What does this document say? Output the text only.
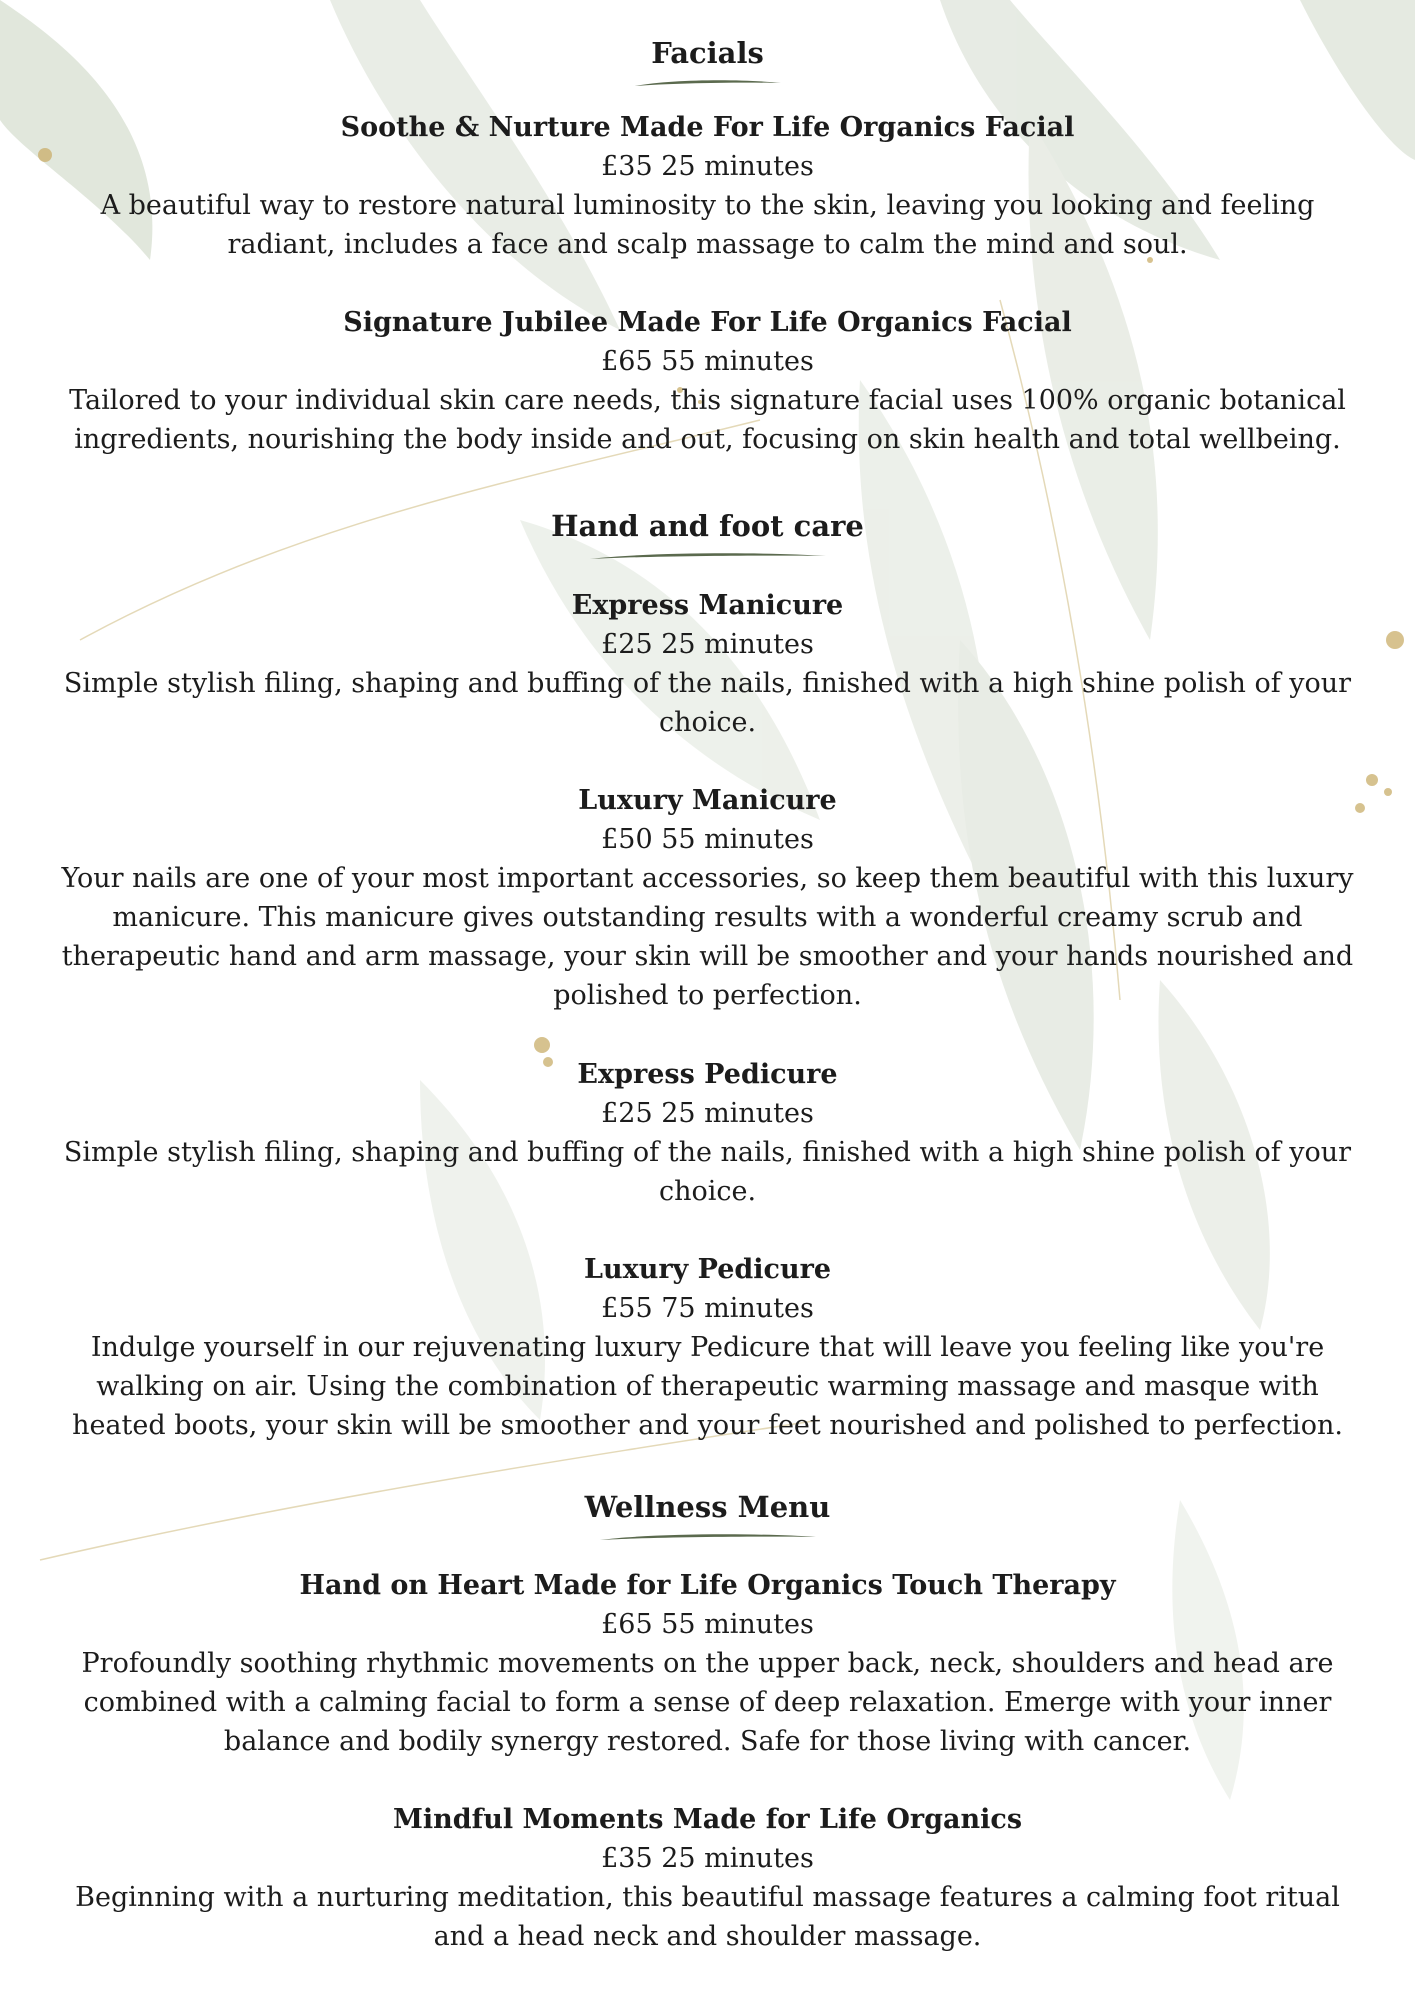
Facials

Soothe & Nurture Made For Life Organics Facial

£35 25 minutes

A beautiful way to restore natural luminosity to the skin, leaving you looking and feeling radiant, includes a face and scalp massage to calm the mind and soul.

Signature Jubilee Made For Life Organics Facial

£65 55 minutes

Tailored to your individual skin care needs, this signature facial uses 100% organic botanical ingredients, nourishing the body inside and out, focusing on skin health and total wellbeing.

Hand and foot care

Express Manicure

£25 25 minutes

Simple stylish filing, shaping and buffing of the nails, finished with a high shine polish of your choice.

Luxury Manicure

£50 55 minutes

Your nails are one of your most important accessories, so keep them beautiful with this luxury manicure. This manicure gives outstanding results with a wonderful creamy scrub and therapeutic hand and arm massage, your skin will be smoother and your hands nourished and polished to perfection.

Express Pedicure

£25 25 minutes

Simple stylish filing, shaping and buffing of the nails, finished with a high shine polish of your choice.

Luxury Pedicure

£55 75 minutes

Indulge yourself in our rejuvenating luxury Pedicure that will leave you feeling like you're walking on air. Using the combination of therapeutic warming massage and masque with heated boots, your skin will be smoother and your feet nourished and polished to perfection.

Wellness Menu

Hand on Heart Made for Life Organics Touch Therapy

£65 55 minutes

Profoundly soothing rhythmic movements on the upper back, neck, shoulders and head are combined with a calming facial to form a sense of deep relaxation. Emerge with your inner balance and bodily synergy restored. Safe for those living with cancer.

Mindful Moments Made for Life Organics

£35 25 minutes

Beginning with a nurturing meditation, this beautiful massage features a calming foot ritual and a head neck and shoulder massage.
